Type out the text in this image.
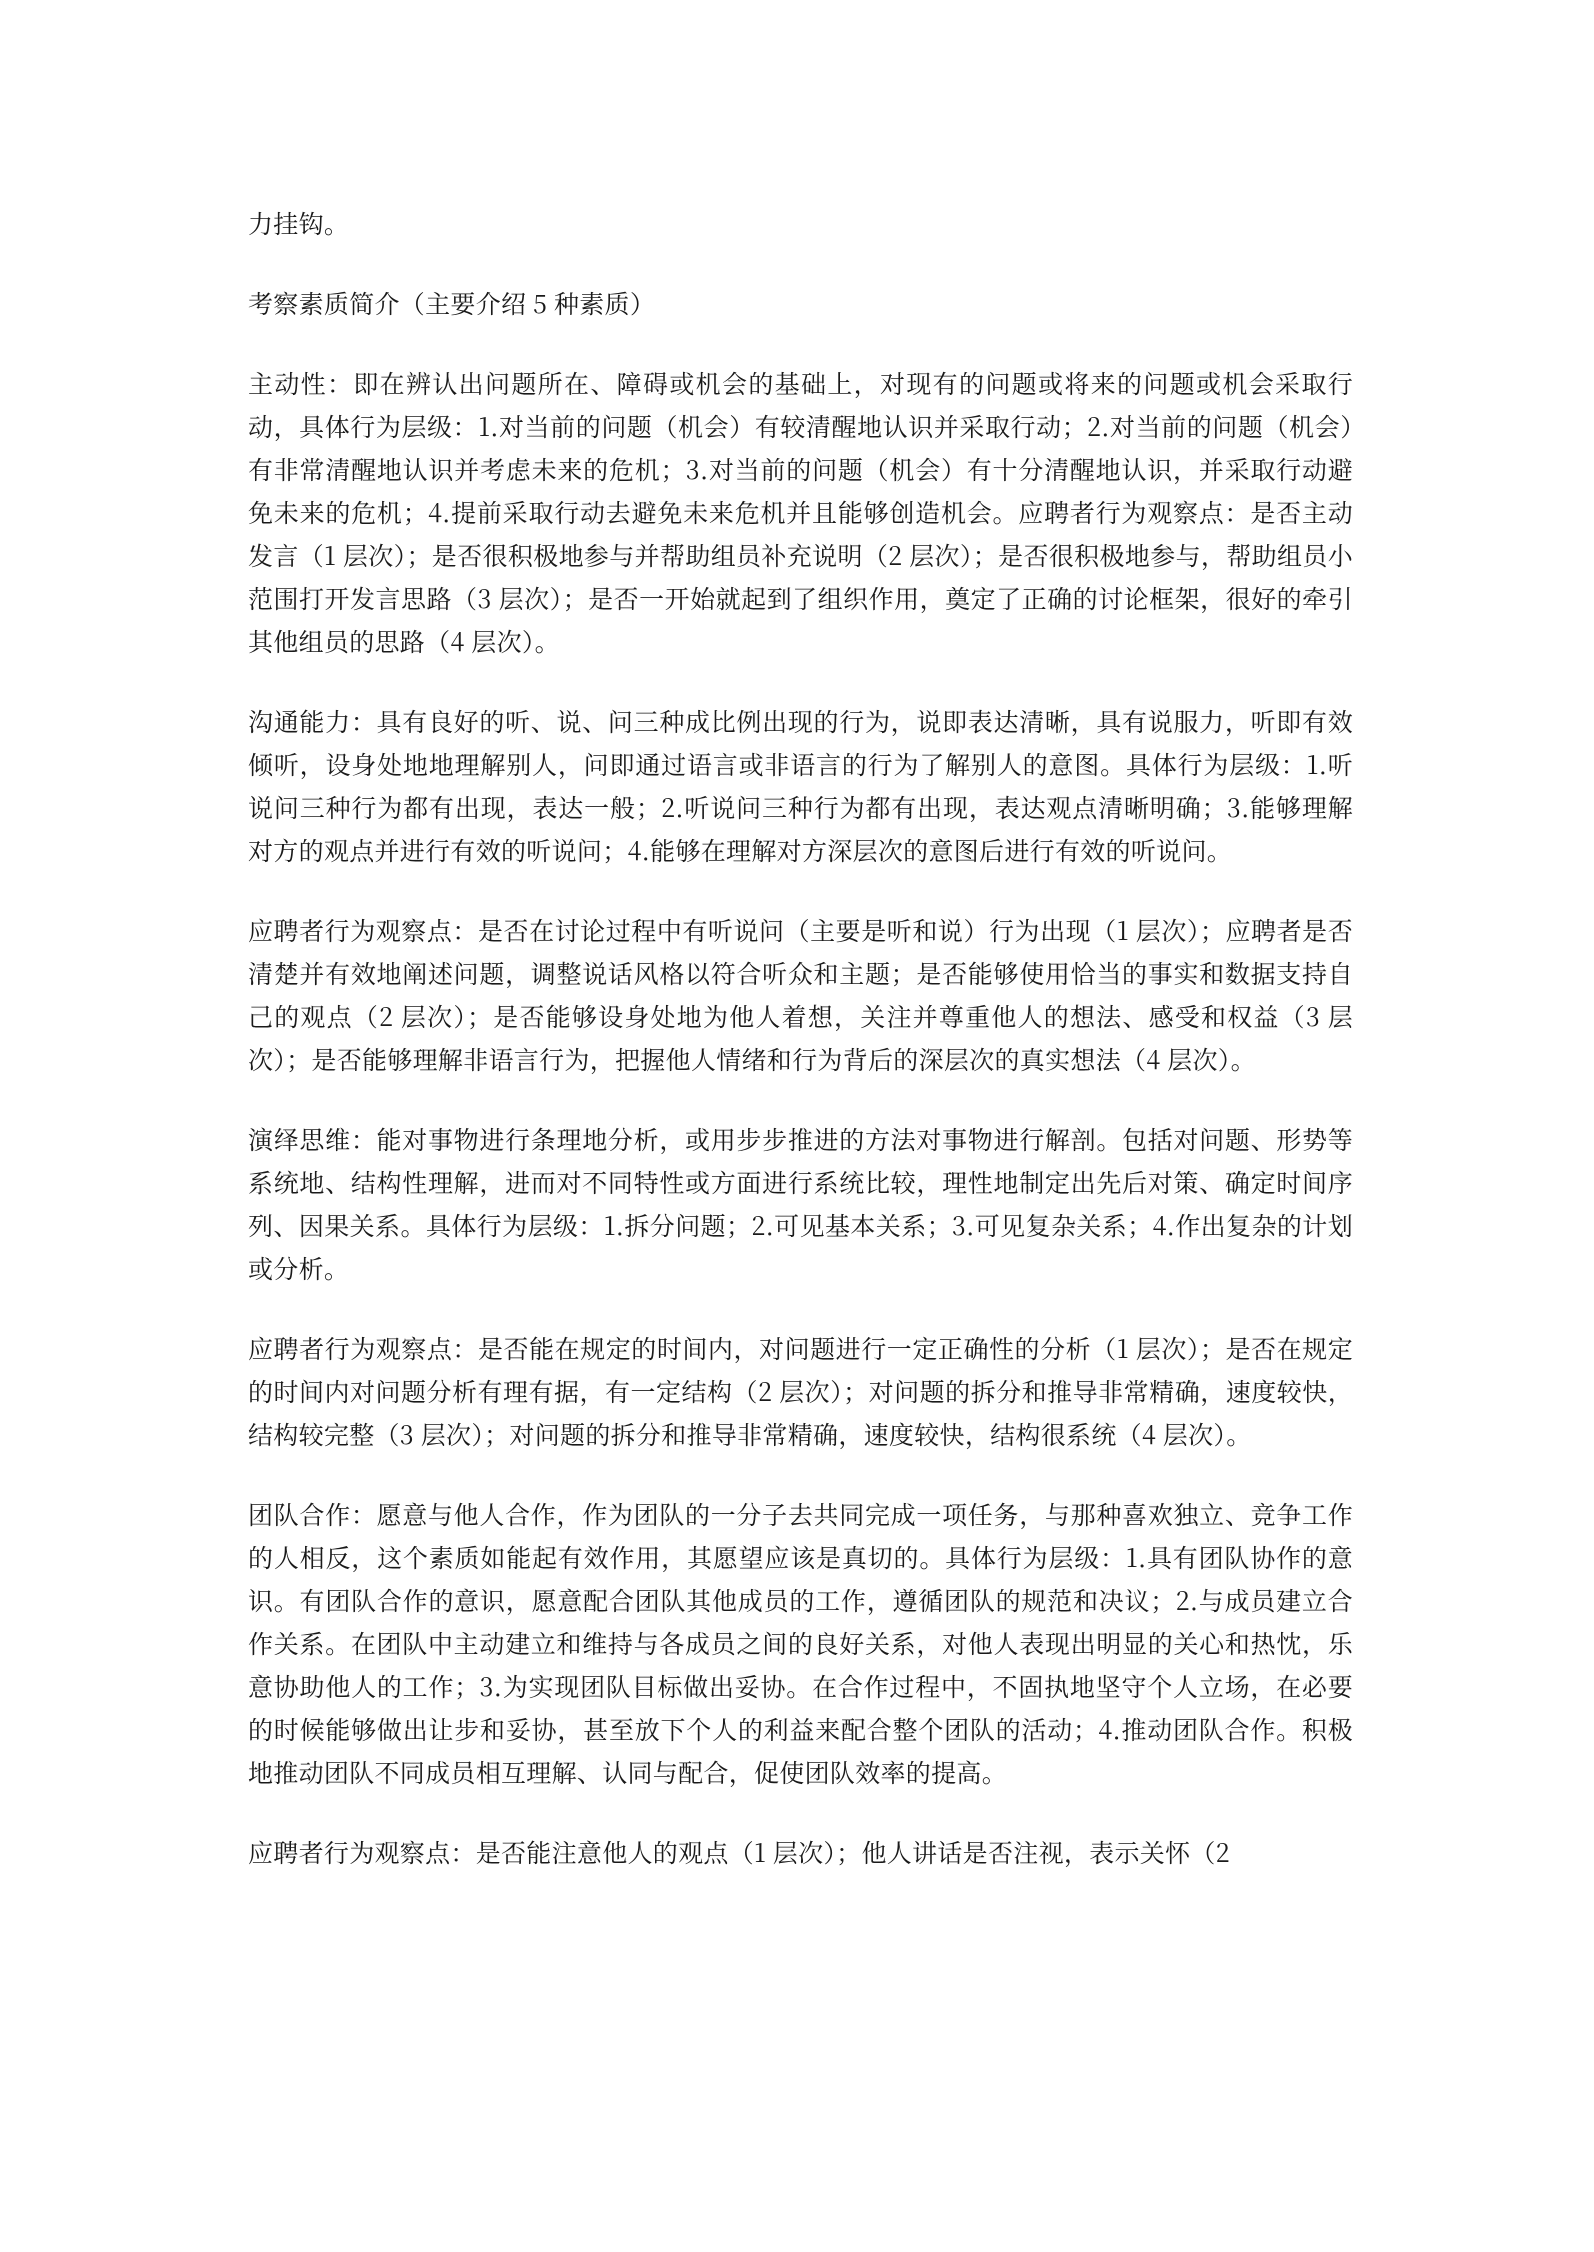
力挂钩。

考察素质简介（主要介绍 5 种素质）

主动性：即在辨认出问题所在、障碍或机会的基础上，对现有的问题或将来的问题或机会采取行动，具体行为层级：1.对当前的问题（机会）有较清醒地认识并采取行动；2.对当前的问题（机会）有非常清醒地认识并考虑未来的危机；3.对当前的问题（机会）有十分清醒地认识，并采取行动避免未来的危机；4.提前采取行动去避免未来危机并且能够创造机会。应聘者行为观察点：是否主动发言（1 层次）；是否很积极地参与并帮助组员补充说明（2 层次）；是否很积极地参与，帮助组员小范围打开发言思路（3 层次）；是否一开始就起到了组织作用，奠定了正确的讨论框架，很好的牵引其他组员的思路（4 层次）。

沟通能力：具有良好的听、说、问三种成比例出现的行为，说即表达清晰，具有说服力，听即有效倾听，设身处地地理解别人，问即通过语言或非语言的行为了解别人的意图。具体行为层级：1.听说问三种行为都有出现，表达一般；2.听说问三种行为都有出现，表达观点清晰明确；3.能够理解对方的观点并进行有效的听说问；4.能够在理解对方深层次的意图后进行有效的听说问。

应聘者行为观察点：是否在讨论过程中有听说问（主要是听和说）行为出现（1 层次）；应聘者是否清楚并有效地阐述问题，调整说话风格以符合听众和主题；是否能够使用恰当的事实和数据支持自己的观点（2 层次）；是否能够设身处地为他人着想，关注并尊重他人的想法、感受和权益（3 层次）；是否能够理解非语言行为，把握他人情绪和行为背后的深层次的真实想法（4 层次）。

演绎思维：能对事物进行条理地分析，或用步步推进的方法对事物进行解剖。包括对问题、形势等系统地、结构性理解，进而对不同特性或方面进行系统比较，理性地制定出先后对策、确定时间序列、因果关系。具体行为层级：1.拆分问题；2.可见基本关系；3.可见复杂关系；4.作出复杂的计划或分析。

应聘者行为观察点：是否能在规定的时间内，对问题进行一定正确性的分析（1 层次）；是否在规定的时间内对问题分析有理有据，有一定结构（2 层次）；对问题的拆分和推导非常精确，速度较快，结构较完整（3 层次）；对问题的拆分和推导非常精确，速度较快，结构很系统（4 层次）。

团队合作：愿意与他人合作，作为团队的一分子去共同完成一项任务，与那种喜欢独立、竞争工作的人相反，这个素质如能起有效作用，其愿望应该是真切的。具体行为层级：1.具有团队协作的意识。有团队合作的意识，愿意配合团队其他成员的工作，遵循团队的规范和决议；2.与成员建立合作关系。在团队中主动建立和维持与各成员之间的良好关系，对他人表现出明显的关心和热忱，乐意协助他人的工作；3.为实现团队目标做出妥协。在合作过程中，不固执地坚守个人立场，在必要的时候能够做出让步和妥协，甚至放下个人的利益来配合整个团队的活动；4.推动团队合作。积极地推动团队不同成员相互理解、认同与配合，促使团队效率的提高。

应聘者行为观察点：是否能注意他人的观点（1 层次）；他人讲话是否注视，表示关怀（2
